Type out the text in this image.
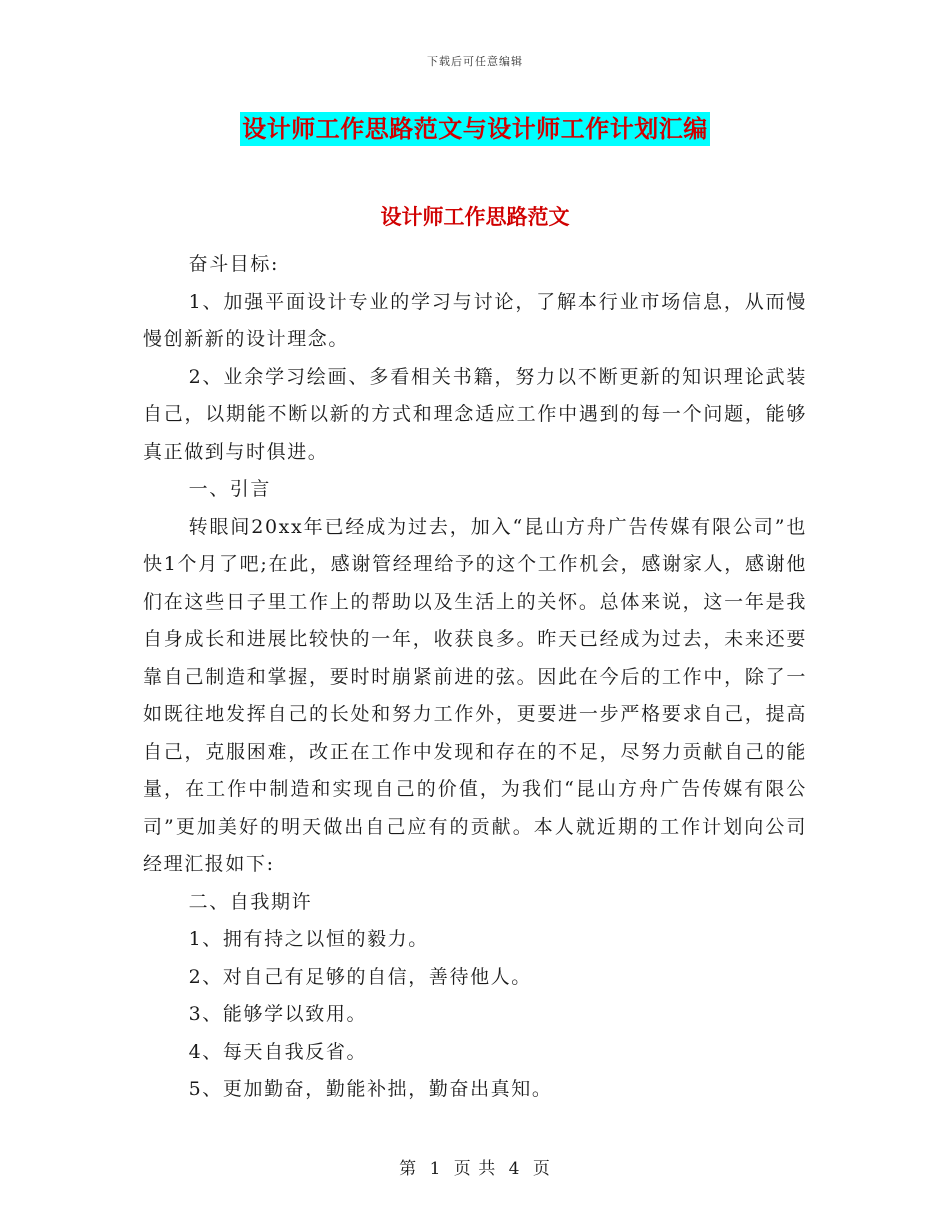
下载后可任意编辑
设计师工作思路范文与设计师工作计划汇编
设计师工作思路范文

奋斗目标:

1、加强平面设计专业的学习与讨论，了解本行业市场信息，从而慢慢创新新的设计理念。

2、业余学习绘画、多看相关书籍，努力以不断更新的知识理论武装自己，以期能不断以新的方式和理念适应工作中遇到的每一个问题，能够真正做到与时俱进。

一、引言

转眼间20xx年已经成为过去，加入“昆山方舟广告传媒有限公司”也快1个月了吧;在此，感谢管经理给予的这个工作机会，感谢家人，感谢他们在这些日子里工作上的帮助以及生活上的关怀。总体来说，这一年是我自身成长和进展比较快的一年，收获良多。昨天已经成为过去，未来还要靠自己制造和掌握，要时时崩紧前进的弦。因此在今后的工作中，除了一如既往地发挥自己的长处和努力工作外，更要进一步严格要求自己，提高自己，克服困难，改正在工作中发现和存在的不足，尽努力贡献自己的能量，在工作中制造和实现自己的价值，为我们“昆山方舟广告传媒有限公司”更加美好的明天做出自己应有的贡献。本人就近期的工作计划向公司经理汇报如下:

二、自我期许

1、拥有持之以恒的毅力。

2、对自己有足够的自信，善待他人。

3、能够学以致用。

4、每天自我反省。

5、更加勤奋，勤能补拙，勤奋出真知。

第 1 页 共 4 页
